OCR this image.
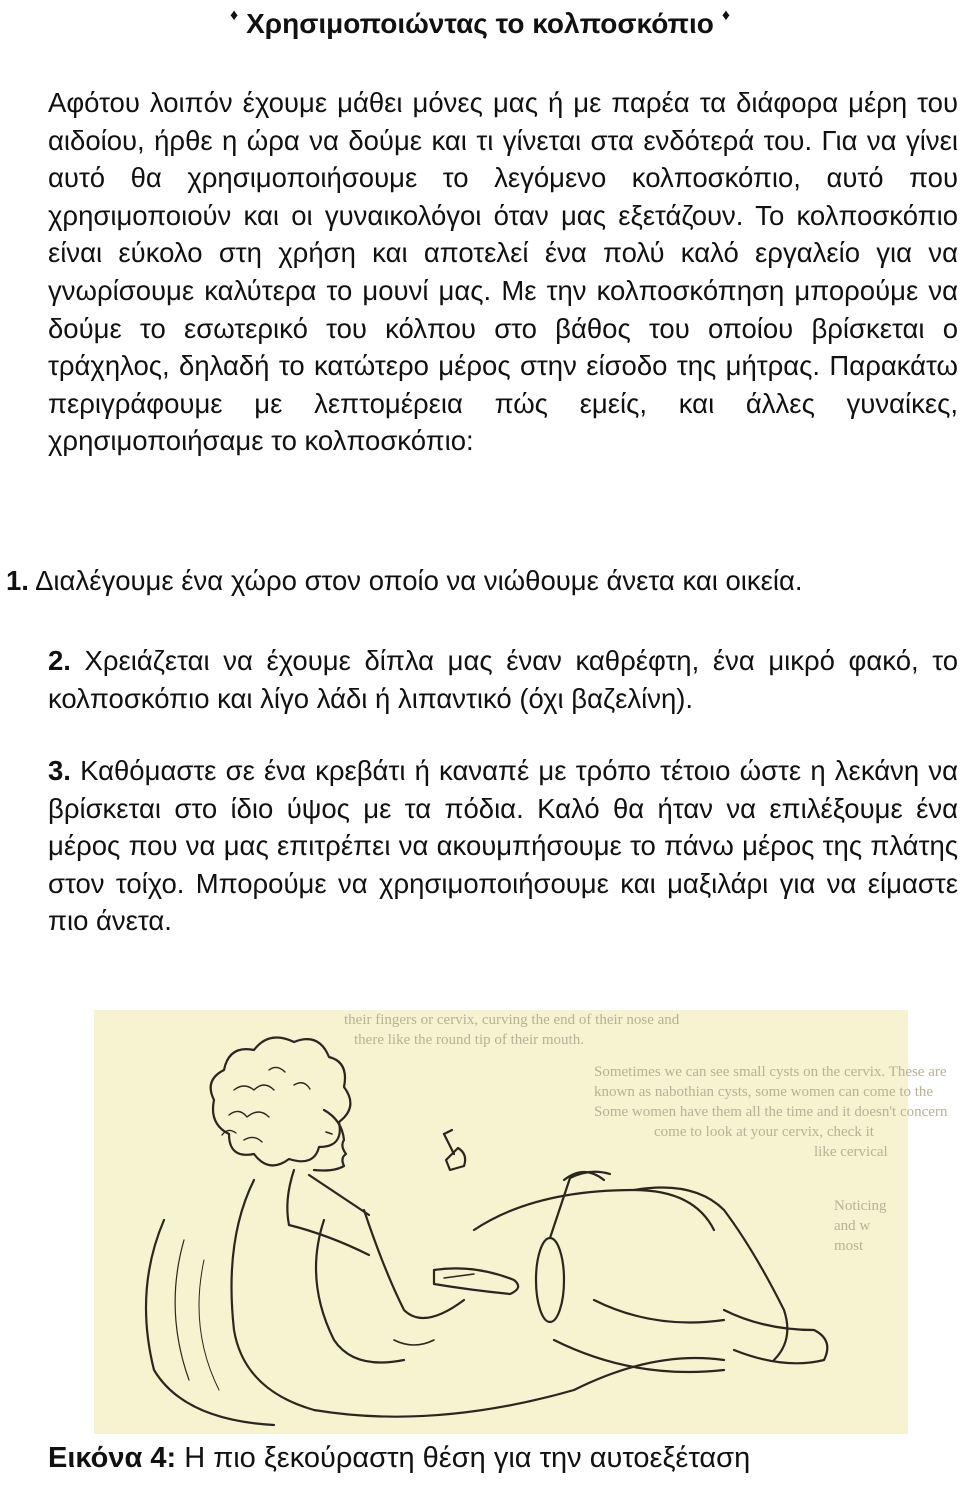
♦ Χρησιμοποιώντας το κολποσκόπιο ♦

Αφότου λοιπόν έχουμε μάθει μόνες μας ή με παρέα τα διάφορα μέρη του αιδοίου, ήρθε η ώρα να δούμε και τι γίνεται στα ενδότερά του. Για να γίνει αυτό θα χρησιμοποιήσουμε το λεγόμενο κολποσκόπιο, αυτό που χρησιμοποιούν και οι γυναικολόγοι όταν μας εξετάζουν. Το κολποσκόπιο είναι εύκολο στη χρήση και αποτελεί ένα πολύ καλό εργαλείο για να γνωρίσουμε καλύτερα το μουνί μας. Με την κολποσκόπηση μπορούμε να δούμε το εσωτερικό του κόλπου στο βάθος του οποίου βρίσκεται ο τράχηλος, δηλαδή το κατώτερο μέρος στην είσοδο της μήτρας. Παρακάτω περιγράφουμε με λεπτομέρεια πώς εμείς, και άλλες γυναίκες, χρησιμοποιήσαμε το κολποσκόπιο:

1. Διαλέγουμε ένα χώρο στον οποίο να νιώθουμε άνετα και οικεία.

2. Χρειάζεται να έχουμε δίπλα μας έναν καθρέφτη, ένα μικρό φακό, το κολποσκόπιο και λίγο λάδι ή λιπαντικό (όχι βαζελίνη).

3. Καθόμαστε σε ένα κρεβάτι ή καναπέ με τρόπο τέτοιο ώστε η λεκάνη να βρίσκεται στο ίδιο ύψος με τα πόδια. Καλό θα ήταν να επιλέξουμε ένα μέρος που να μας επιτρέπει να ακουμπήσουμε το πάνω μέρος της πλάτης στον τοίχο. Μπορούμε να χρησιμοποιήσουμε και μαξιλάρι για να είμαστε πιο άνετα.

their fingers or cervix, curving the end of their nose and
there like the round tip of their mouth.
Sometimes we can see small cysts on the cervix. These are
known as nabothian cysts, some women can come to the
Some women have them all the time and it doesn't concern
come to look at your cervix, check it
like cervical
Noticing
and w
most

Εικόνα 4: Η πιο ξεκούραστη θέση για την αυτοεξέταση
